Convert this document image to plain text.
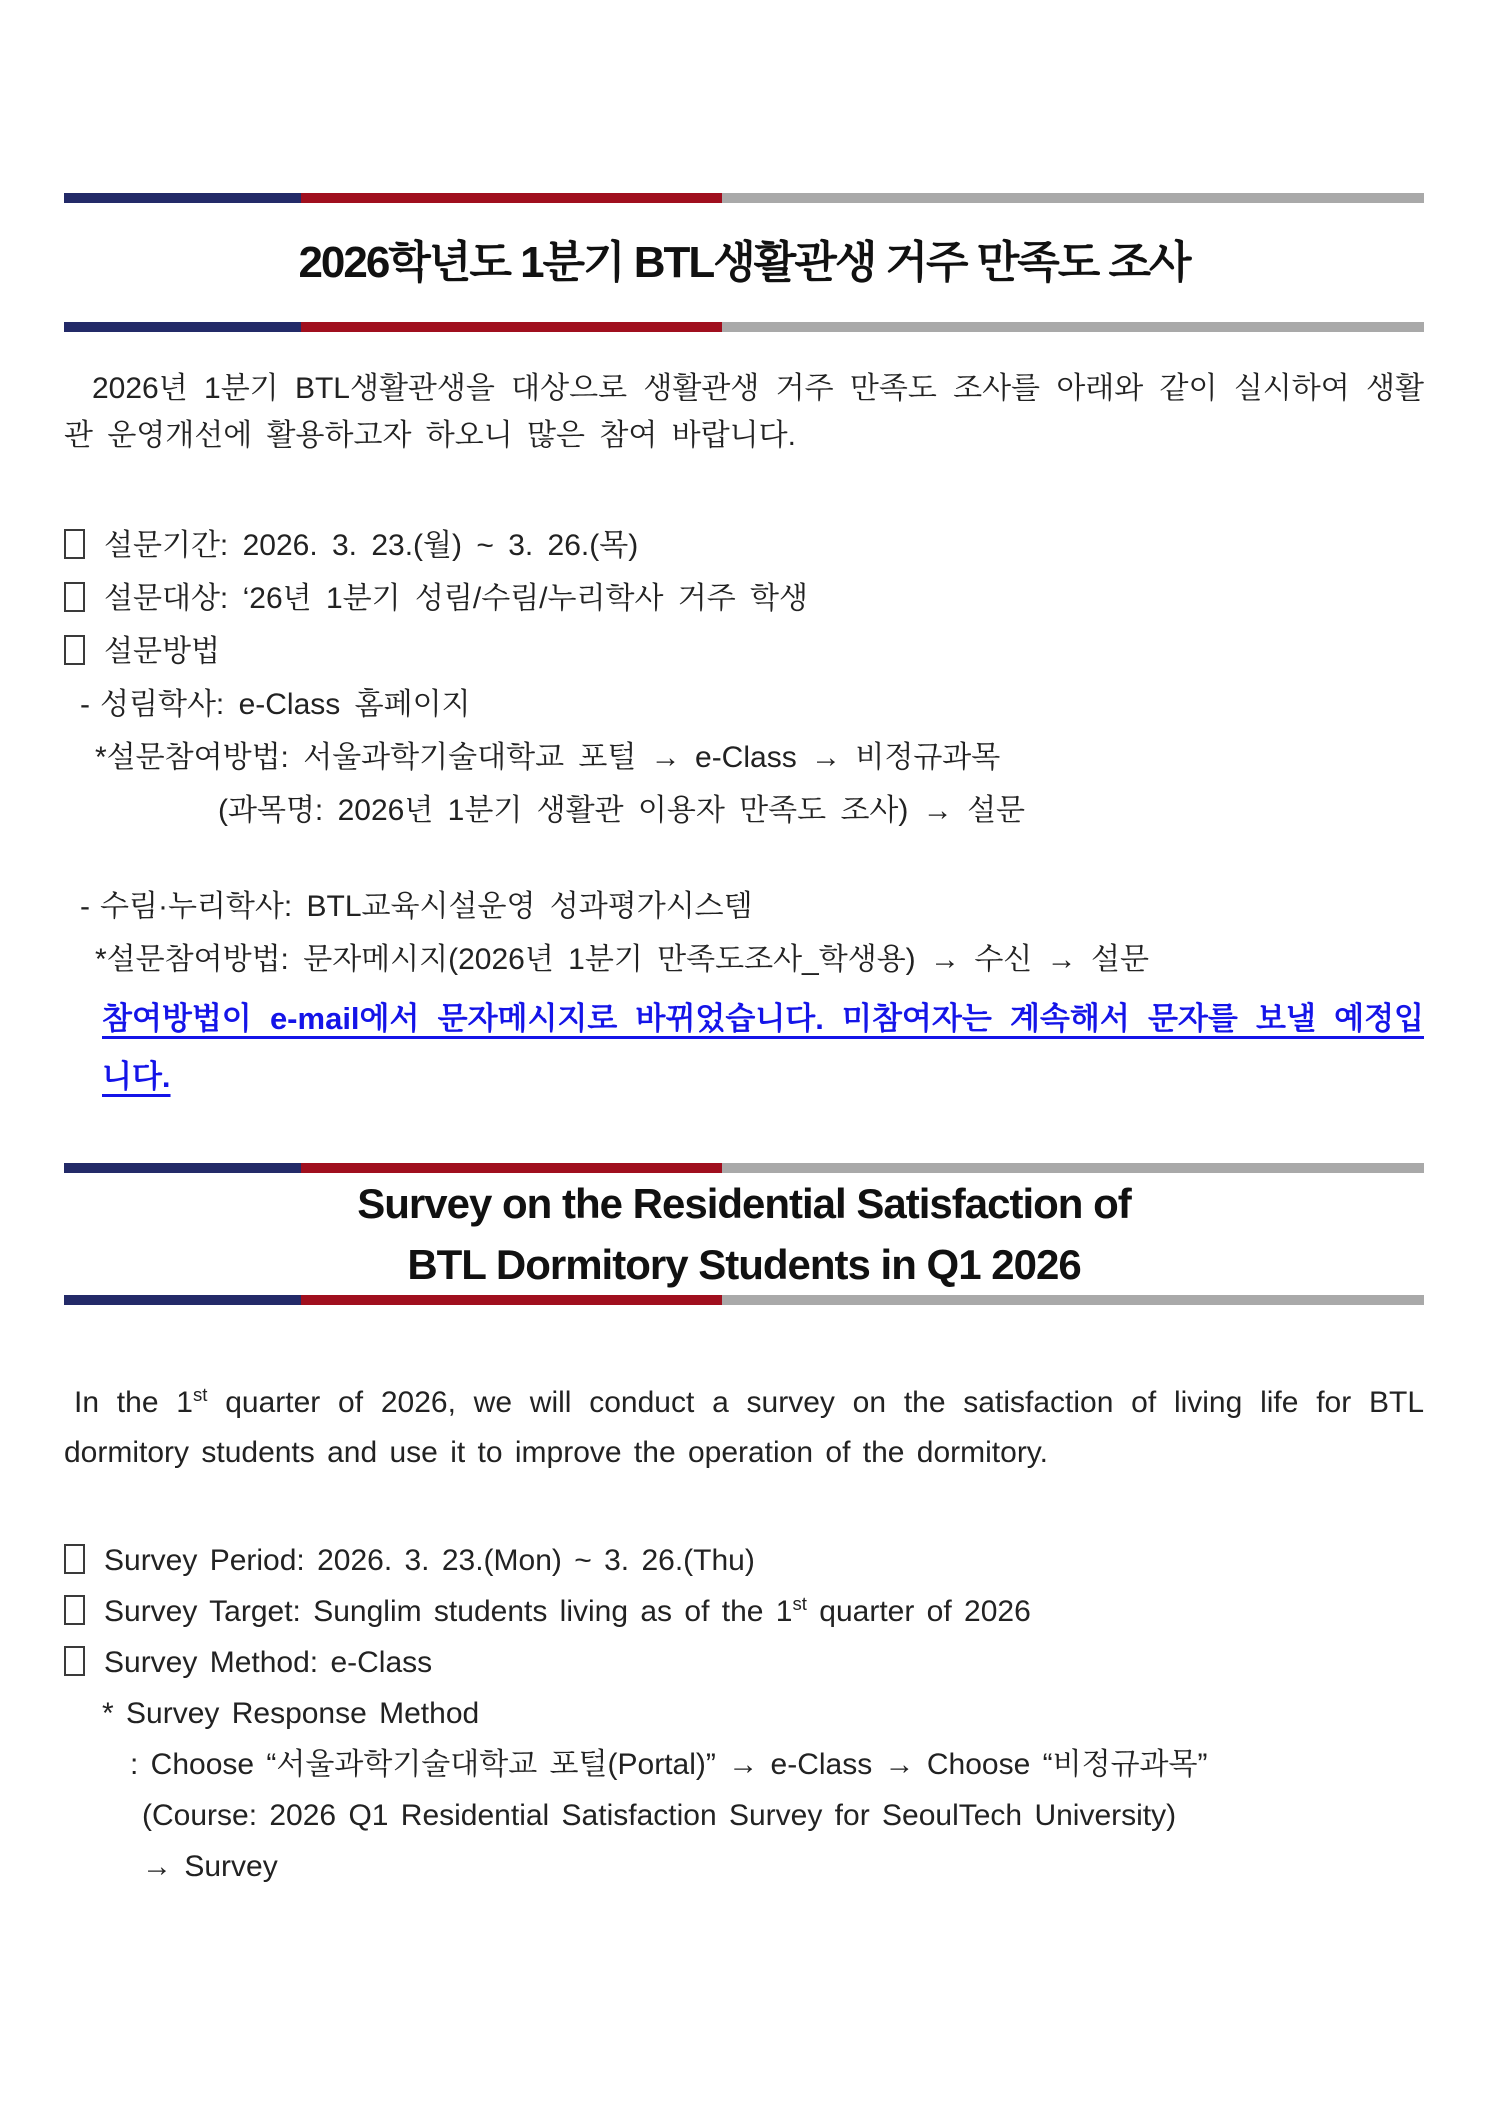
2026학년도 1분기 BTL생활관생 거주 만족도 조사
2026년 1분기 BTL생활관생을 대상으로 생활관생 거주 만족도 조사를 아래와 같이 실시하여 생활관 운영개선에 활용하고자 하오니 많은 참여 바랍니다.
설문기간: 2026. 3. 23.(월) ~ 3. 26.(목)
설문대상: ‘26년 1분기 성림/수림/누리학사 거주 학생
설문방법
- 성림학사: e-Class 홈페이지
*설문참여방법: 서울과학기술대학교 포털 → e-Class → 비정규과목
(과목명: 2026년 1분기 생활관 이용자 만족도 조사) → 설문
- 수림·누리학사: BTL교육시설운영 성과평가시스템
*설문참여방법: 문자메시지(2026년 1분기 만족도조사_학생용) → 수신 → 설문
참여방법이 e-mail에서 문자메시지로 바뀌었습니다. 미참여자는 계속해서 문자를 보낼 예정입니다.
Survey on the Residential Satisfaction of
BTL Dormitory Students in Q1 2026
In the 1st quarter of 2026, we will conduct a survey on the satisfaction of living life for BTL dormitory students and use it to improve the operation of the dormitory.
Survey Period: 2026. 3. 23.(Mon) ~ 3. 26.(Thu)
Survey Target: Sunglim students living as of the 1st quarter of 2026
Survey Method: e-Class
* Survey Response Method
: Choose “서울과학기술대학교 포털(Portal)” → e-Class → Choose “비정규과목”
(Course: 2026 Q1 Residential Satisfaction Survey for SeoulTech University)
→ Survey
